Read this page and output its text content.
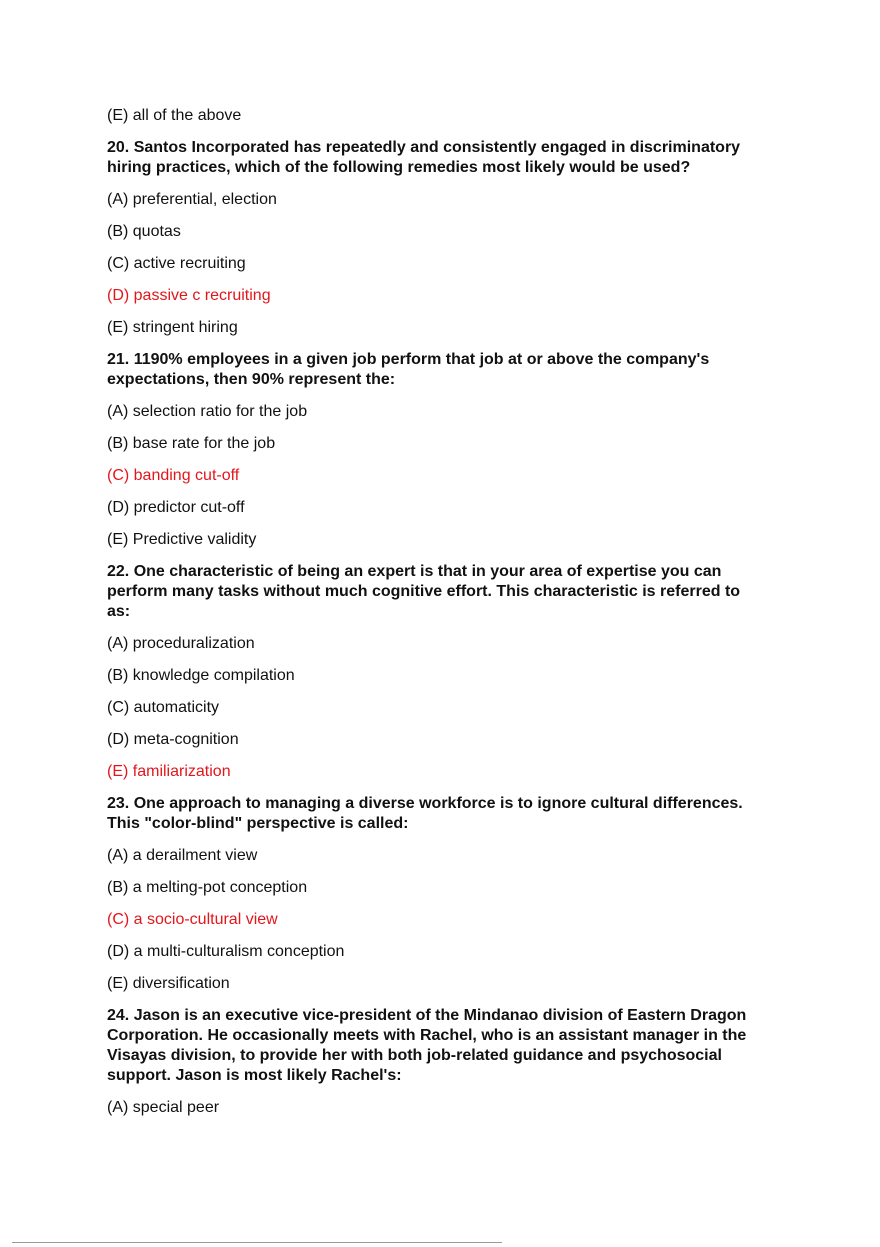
(E) all of the above

20. Santos Incorporated has repeatedly and consistently engaged in discriminatory hiring practices, which of the following remedies most likely would be used?

(A) preferential, election

(B) quotas

(C) active recruiting

(D) passive c recruiting

(E) stringent hiring

21. 1190% employees in a given job perform that job at or above the company's expectations, then 90% represent the:

(A) selection ratio for the job

(B) base rate for the job

(C) banding cut-off

(D) predictor cut-off

(E) Predictive validity

22. One characteristic of being an expert is that in your area of expertise you can perform many tasks without much cognitive effort. This characteristic is referred to as:

(A) proceduralization

(B) knowledge compilation

(C) automaticity

(D) meta-cognition

(E) familiarization

23. One approach to managing a diverse workforce is to ignore cultural differences. This "color-blind" perspective is called:

(A) a derailment view

(B) a melting-pot conception

(C) a socio-cultural view

(D) a multi-culturalism conception

(E) diversification

24. Jason is an executive vice-president of the Mindanao division of Eastern Dragon Corporation. He occasionally meets with Rachel, who is an assistant manager in the Visayas division, to provide her with both job-related guidance and psychosocial support. Jason is most likely Rachel's:

(A) special peer
